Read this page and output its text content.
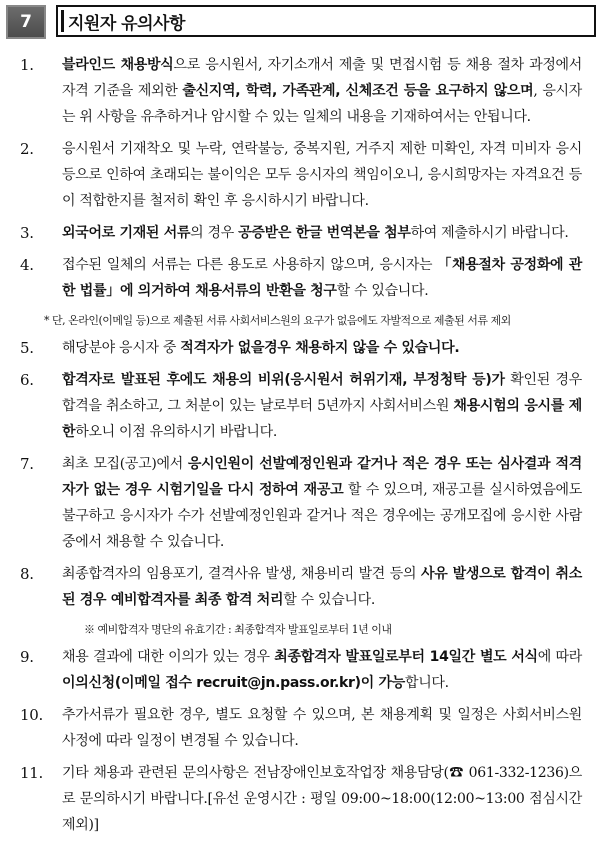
7	지원자 유의사항
1.	블라인드 채용방식으로 응시원서, 자기소개서 제출 및 면접시험 등 채용 절차 과정에서 자격 기준을 제외한 출신지역, 학력, 가족관계, 신체조건 등을 요구하지 않으며, 응시자는 위 사항을 유추하거나 암시할 수 있는 일체의 내용을 기재하여서는 안됩니다.
2.	응시원서 기재착오 및 누락, 연락불능, 중복지원, 거주지 제한 미확인, 자격 미비자 응시 등으로 인하여 초래되는 불이익은 모두 응시자의 책임이오니, 응시희망자는 자격요건 등이 적합한지를 철저히 확인 후 응시하시기 바랍니다.
3.	외국어로 기재된 서류의 경우 공증받은 한글 번역본을 첨부하여 제출하시기 바랍니다.
4.	접수된 일체의 서류는 다른 용도로 사용하지 않으며, 응시자는 「채용절차 공정화에 관한 법률」에 의거하여 채용서류의 반환을 청구할 수 있습니다.
* 단, 온라인(이메일 등)으로 제출된 서류 사회서비스원의 요구가 없음에도 자발적으로 제출된 서류 제외
5.	해당분야 응시자 중 적격자가 없을경우 채용하지 않을 수 있습니다.
6.	합격자로 발표된 후에도 채용의 비위(응시원서 허위기재, 부정청탁 등)가 확인된 경우 합격을 취소하고, 그 처분이 있는 날로부터 5년까지 사회서비스원 채용시험의 응시를 제한하오니 이점 유의하시기 바랍니다.
7.	최초 모집(공고)에서 응시인원이 선발예정인원과 같거나 적은 경우 또는 심사결과 적격자가 없는 경우 시험기일을 다시 정하여 재공고 할 수 있으며, 재공고를 실시하였음에도 불구하고 응시자가 수가 선발예정인원과 같거나 적은 경우에는 공개모집에 응시한 사람 중에서 채용할 수 있습니다.
8.	최종합격자의 임용포기, 결격사유 발생, 채용비리 발견 등의 사유 발생으로 합격이 취소된 경우 예비합격자를 최종 합격 처리할 수 있습니다.
※ 예비합격자 명단의 유효기간 : 최종합격자 발표일로부터 1년 이내
9.	채용 결과에 대한 이의가 있는 경우 최종합격자 발표일로부터 14일간 별도 서식에 따라 이의신청(이메일 접수 recruit@jn.pass.or.kr)이 가능합니다.
10.	추가서류가 필요한 경우, 별도 요청할 수 있으며, 본 채용계획 및 일정은 사회서비스원 사정에 따라 일정이 변경될 수 있습니다.
11.	기타 채용과 관련된 문의사항은 전남장애인보호작업장 채용담당(☎ 061-332-1236)으로 문의하시기 바랍니다.[유선 운영시간 : 평일 09:00~18:00(12:00~13:00 점심시간 제외)]
